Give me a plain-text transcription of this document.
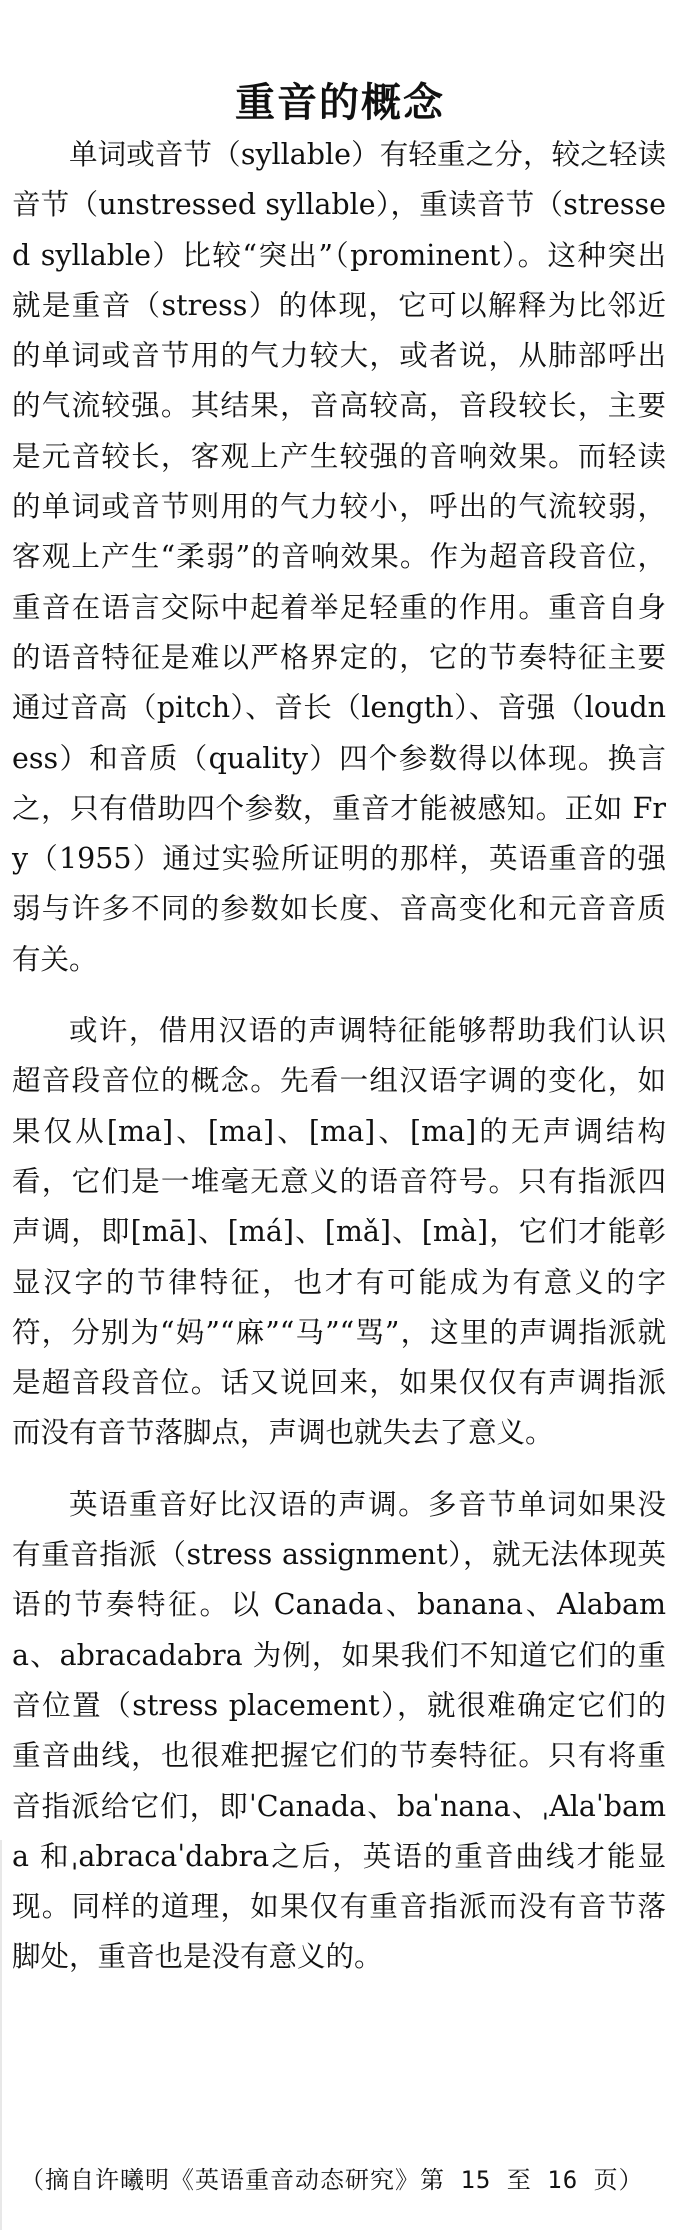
重音的概念

单词或音节（syllable）有轻重之分，较之轻读音节（unstressed syllable），重读音节（stressed syllable）比较“突出”（prominent）。这种突出就是重音（stress）的体现，它可以解释为比邻近的单词或音节用的气力较大，或者说，从肺部呼出的气流较强。其结果，音高较高，音段较长，主要是元音较长，客观上产生较强的音响效果。而轻读的单词或音节则用的气力较小，呼出的气流较弱，客观上产生“柔弱”的音响效果。作为超音段音位，重音在语言交际中起着举足轻重的作用。重音自身的语音特征是难以严格界定的，它的节奏特征主要通过音高（pitch）、音长（length）、音强（loudness）和音质（quality）四个参数得以体现。换言之，只有借助四个参数，重音才能被感知。正如 Fry（1955）通过实验所证明的那样，英语重音的强弱与许多不同的参数如长度、音高变化和元音音质有关。

或许，借用汉语的声调特征能够帮助我们认识超音段音位的概念。先看一组汉语字调的变化，如果仅从[ma]、[ma]、[ma]、[ma]的无声调结构看，它们是一堆毫无意义的语音符号。只有指派四声调，即[mā]、[má]、[mǎ]、[mà]，它们才能彰显汉字的节律特征，也才有可能成为有意义的字符，分别为“妈”“麻”“马”“骂”，这里的声调指派就是超音段音位。话又说回来，如果仅仅有声调指派而没有音节落脚点，声调也就失去了意义。

英语重音好比汉语的声调。多音节单词如果没有重音指派（stress assignment），就无法体现英语的节奏特征。以 Canada、banana、Alabama、abracadabra 为例，如果我们不知道它们的重音位置（stress placement），就很难确定它们的重音曲线，也很难把握它们的节奏特征。只有将重音指派给它们，即ˈCanada、baˈnana、ˌAlaˈbama 和ˌabracaˈdabra之后，英语的重音曲线才能显现。同样的道理，如果仅有重音指派而没有音节落脚处，重音也是没有意义的。

（摘自许曦明《英语重音动态研究》第 15 至 16 页）
